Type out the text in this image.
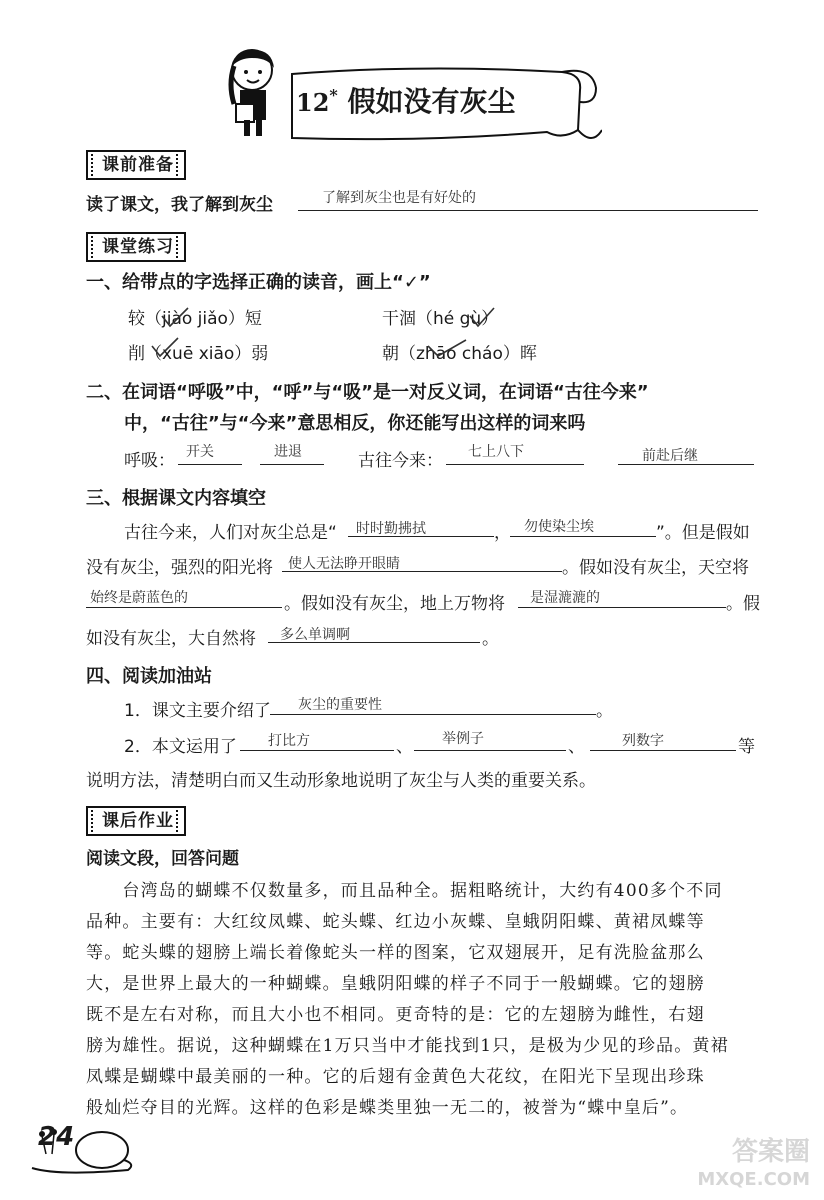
12* 假如没有灰尘
课前准备
读了课文，我了解到灰尘	了解到灰尘也是有好处的
课堂练习
一、给带点的字选择正确的读音，画上“✓”
较（jiào jiǎo）短	干涸（hé gù）
削（xuē xiāo）弱	朝（zhāo cháo）晖
二、在词语“呼吸”中，“呼”与“吸”是一对反义词，在词语“古往今来”
中，“古往”与“今来”意思相反，你还能写出这样的词来吗
呼吸： 开关	进退	古往今来： 七上八下	前赴后继
三、根据课文内容填空
古往今来，人们对灰尘总是“ 时时勤拂拭	， 勿使染尘埃	”。但是假如
没有灰尘，强烈的阳光将 使人无法睁开眼睛	。假如没有灰尘，天空将
始终是蔚蓝色的	。假如没有灰尘，地上万物将 是湿漉漉的	。假
如没有灰尘，大自然将 多么单调啊	。
四、阅读加油站
1．课文主要介绍了 灰尘的重要性	。
2．本文运用了 打比方	、 举例子	、	列数字	等
说明方法，清楚明白而又生动形象地说明了灰尘与人类的重要关系。
课后作业
阅读文段，回答问题
　　台湾岛的蝴蝶不仅数量多，而且品种全。据粗略统计，大约有400多个不同
品种。主要有：大红纹凤蝶、蛇头蝶、红边小灰蝶、皇蛾阴阳蝶、黄裙凤蝶等
等。蛇头蝶的翅膀上端长着像蛇头一样的图案，它双翅展开，足有洗脸盆那么
大，是世界上最大的一种蝴蝶。皇蛾阴阳蝶的样子不同于一般蝴蝶。它的翅膀
既不是左右对称，而且大小也不相同。更奇特的是：它的左翅膀为雌性，右翅
膀为雄性。据说，这种蝴蝶在1万只当中才能找到1只，是极为少见的珍品。黄裙
凤蝶是蝴蝶中最美丽的一种。它的后翅有金黄色大花纹，在阳光下呈现出珍珠
般灿烂夺目的光辉。这样的色彩是蝶类里独一无二的，被誉为“蝶中皇后”。
24	答案圈
MXQE.COM
